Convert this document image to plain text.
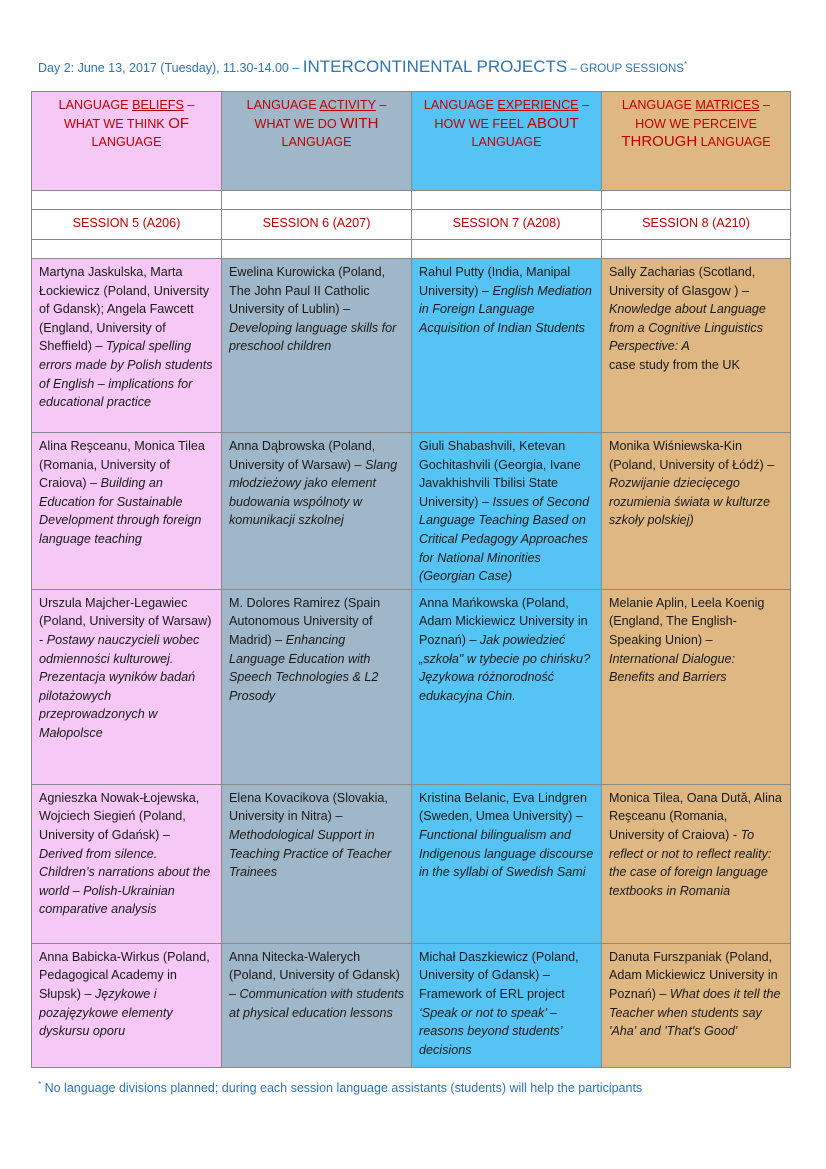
Day 2: June 13, 2017 (Tuesday), 11.30-14.00 – INTERCONTINENTAL PROJECTS – GROUP SESSIONS*
LANGUAGE BELIEFS –
WHAT WE THINK OF
LANGUAGE	LANGUAGE ACTIVITY –
WHAT WE DO WITH
LANGUAGE	LANGUAGE EXPERIENCE –
HOW WE FEEL ABOUT
LANGUAGE	LANGUAGE MATRICES –
HOW WE PERCEIVE
THROUGH LANGUAGE

SESSION 5 (A206)	SESSION 6 (A207)	SESSION 7 (A208)	SESSION 8 (A210)

Martyna Jaskulska, Marta Łockiewicz (Poland, University of Gdansk); Angela Fawcett (England, University of Sheffield) – Typical spelling errors made by Polish students of English – implications for educational practice	Ewelina Kurowicka (Poland, The John Paul II Catholic University of Lublin) – Developing language skills for preschool children	Rahul Putty (India, Manipal University) – English Mediation in Foreign Language Acquisition of Indian Students	Sally Zacharias (Scotland, University of Glasgow ) – Knowledge about Language from a Cognitive Linguistics Perspective: A
case study from the UK
Alina Reşceanu, Monica Tilea (Romania, University of Craiova) – Building an Education for Sustainable Development through foreign language teaching	Anna Dąbrowska (Poland, University of Warsaw) – Slang młodzieżowy jako element budowania wspólnoty w komunikacji szkolnej	Giuli Shabashvili, Ketevan Gochitashvili (Georgia, Ivane Javakhishvili Tbilisi State University) – Issues of Second Language Teaching Based on Critical Pedagogy Approaches for National Minorities (Georgian Case)	Monika Wiśniewska-Kin (Poland, University of Łódź) – Rozwijanie dziecięcego rozumienia świata w kulturze szkoły polskiej)
Urszula Majcher-Legawiec (Poland, University of Warsaw) - Postawy nauczycieli wobec odmienności kulturowej. Prezentacja wyników badań pilotażowych przeprowadzonych w Małopolsce	M. Dolores Ramirez (Spain Autonomous University of Madrid) – Enhancing Language Education with Speech Technologies & L2 Prosody	Anna Mańkowska (Poland, Adam Mickiewicz University in Poznań) – Jak powiedzieć „szkoła" w tybecie po chińsku? Językowa różnorodność edukacyjna Chin.	Melanie Aplin, Leela Koenig (England, The English-Speaking Union) – International Dialogue: Benefits and Barriers
Agnieszka Nowak-Łojewska, Wojciech Siegień (Poland, University of Gdańsk) – Derived from silence. Children’s narrations about the world – Polish-Ukrainian comparative analysis	Elena Kovacikova (Slovakia, University in Nitra) – Methodological Support in Teaching Practice of Teacher Trainees	Kristina Belanic, Eva Lindgren (Sweden, Umea University) – Functional bilingualism and Indigenous language discourse in the syllabi of Swedish Sami	Monica Tilea, Oana Dută, Alina Reşceanu (Romania, University of Craiova) - To reflect or not to reflect reality: the case of foreign language textbooks in Romania
Anna Babicka-Wirkus (Poland, Pedagogical Academy in Słupsk) – Językowe i pozajęzykowe elementy dyskursu oporu	Anna Nitecka-Walerych (Poland, University of Gdansk) – Communication with students at physical education lessons	Michał Daszkiewicz (Poland, University of Gdansk) – Framework of ERL project ‘Speak or not to speak’ – reasons beyond students’ decisions	Danuta Furszpaniak (Poland, Adam Mickiewicz University in Poznań) – What does it tell the Teacher when students say 'Aha' and 'That's Good'
* No language divisions planned; during each session language assistants (students) will help the participants
